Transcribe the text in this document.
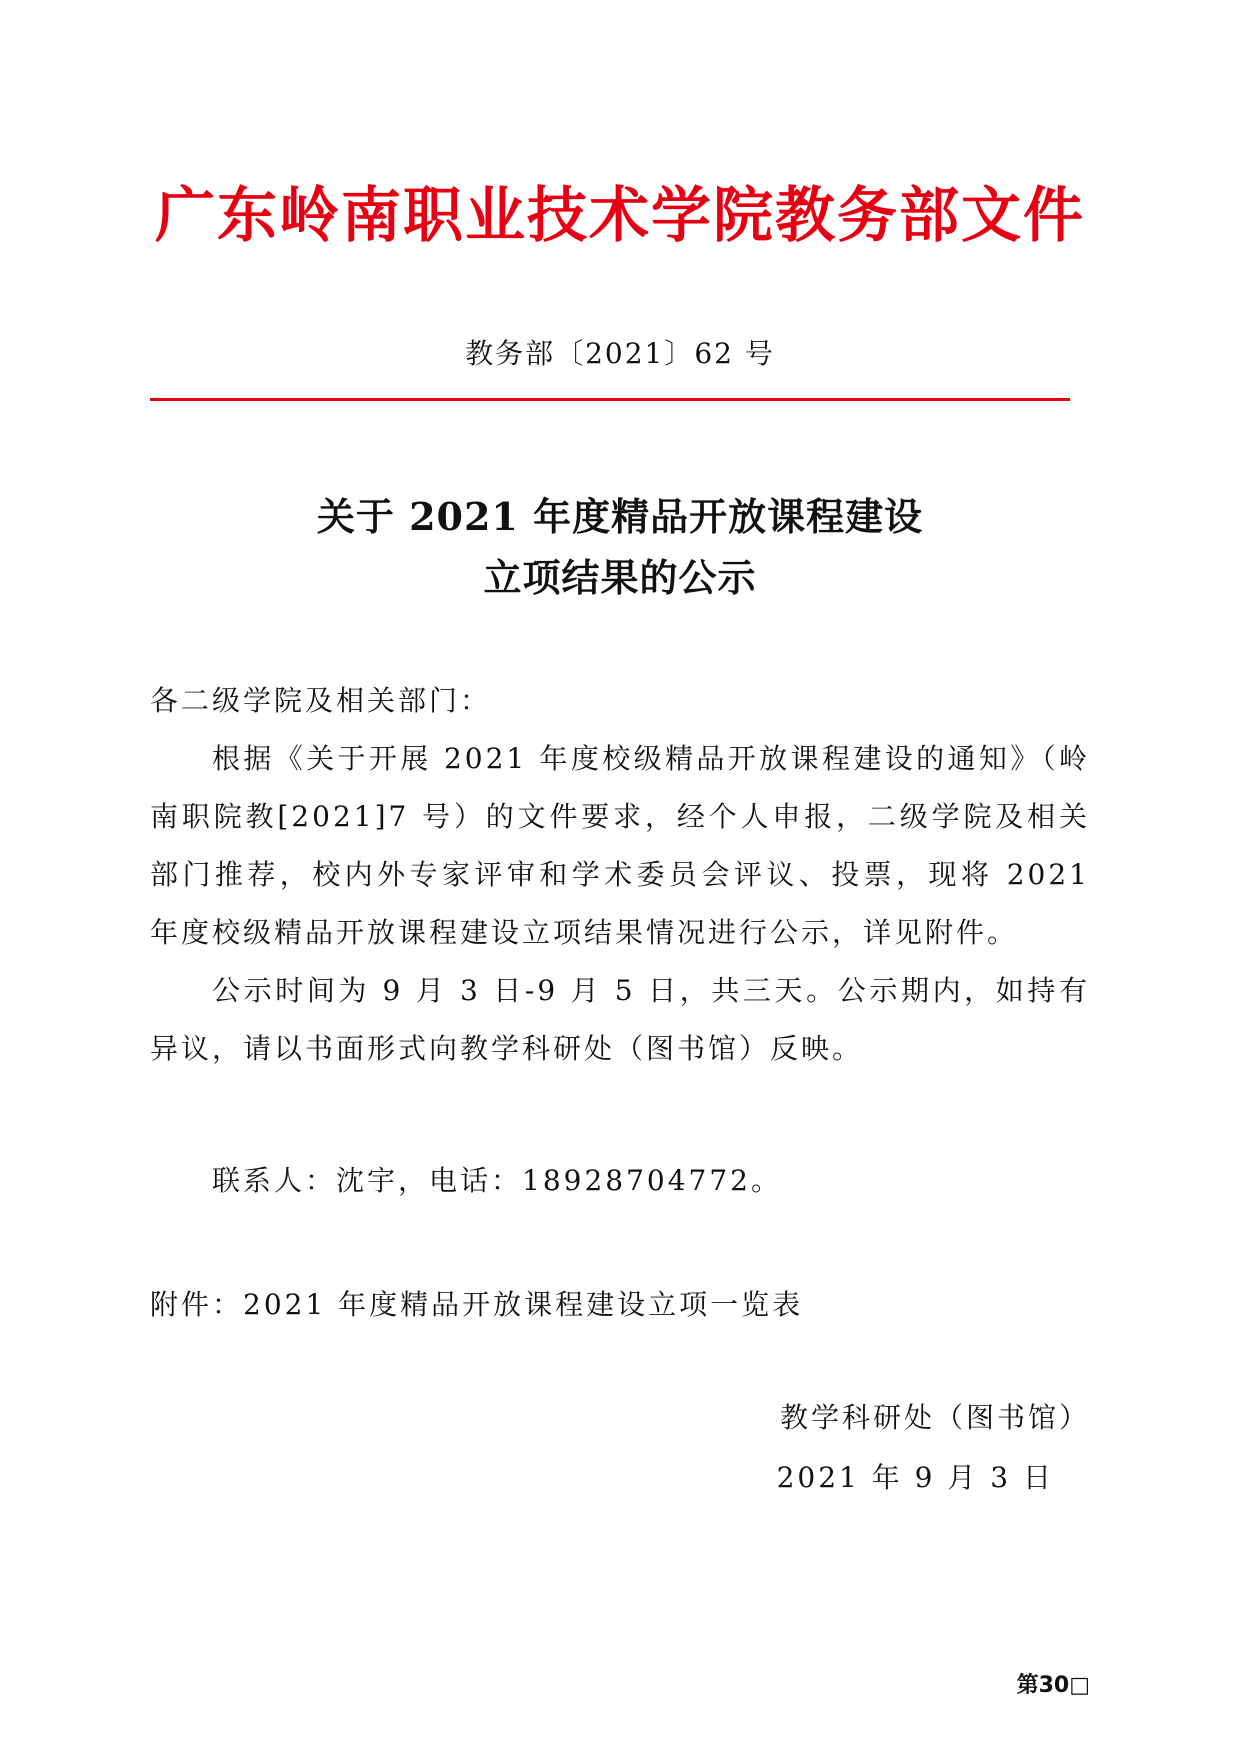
广东岭南职业技术学院教务部文件
教务部〔2021〕62 号
关于 2021 年度精品开放课程建设
立项结果的公示
各二级学院及相关部门：
根据《关于开展 2021 年度校级精品开放课程建设的通知》（岭南职院教[2021]7 号）的文件要求，经个人申报，二级学院及相关部门推荐，校内外专家评审和学术委员会评议、投票，现将 2021 年度校级精品开放课程建设立项结果情况进行公示，详见附件。
公示时间为 9 月 3 日-9 月 5 日，共三天。公示期内，如持有异议，请以书面形式向教学科研处（图书馆）反映。
联系人：沈宇，电话：18928704772。
附件：2021 年度精品开放课程建设立项一览表
教学科研处（图书馆）
2021 年 9 月 3 日
第30□
